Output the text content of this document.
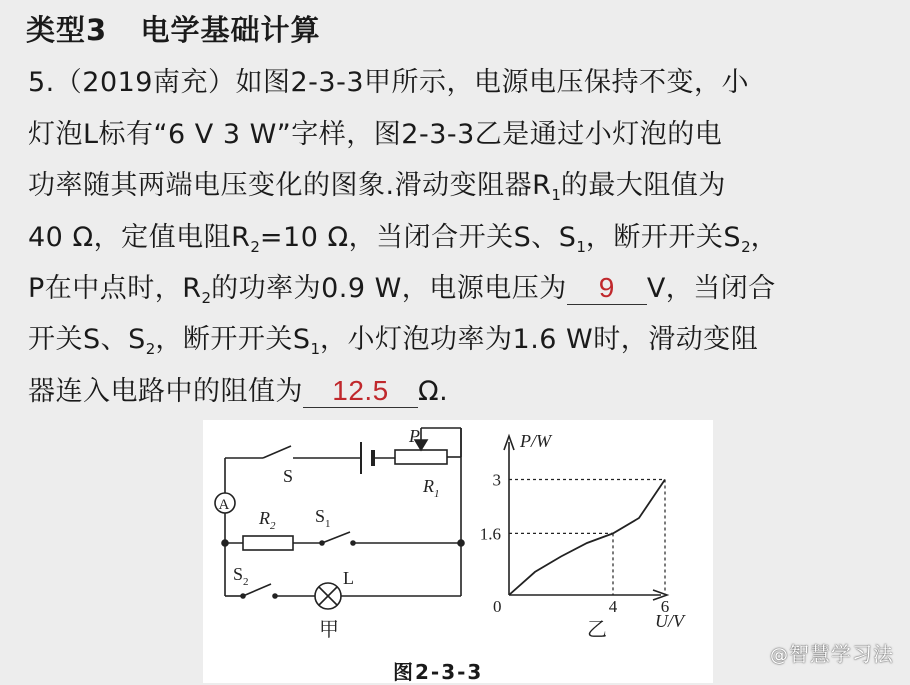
类型3 电学基础计算
5.（2019南充）如图2-3-3甲所示，电源电压保持不变，小
灯泡L标有“6 V 3 W”字样，图2-3-3乙是通过小灯泡的电
功率随其两端电压变化的图象.滑动变阻器$R_1$的最大阻值为
40 Ω，定值电阻$R_2=10$ Ω，当闭合开关S、$S_1$，断开开关$S_2$，
P在中点时，$R_2$的功率为0.9 W，电源电压为 9 V，当闭合
开关S、$S_2$，断开开关$S_1$，小灯泡功率为1.6 W时，滑动变阻
器连入电路中的阻值为 12.5 Ω.
S
P
$R_1$
A
$R_2$ $S_1$
$S_2$	L
甲
P/W
U/V
0
1.6
3
4	6
乙
图2-3-3
@智慧学习法
